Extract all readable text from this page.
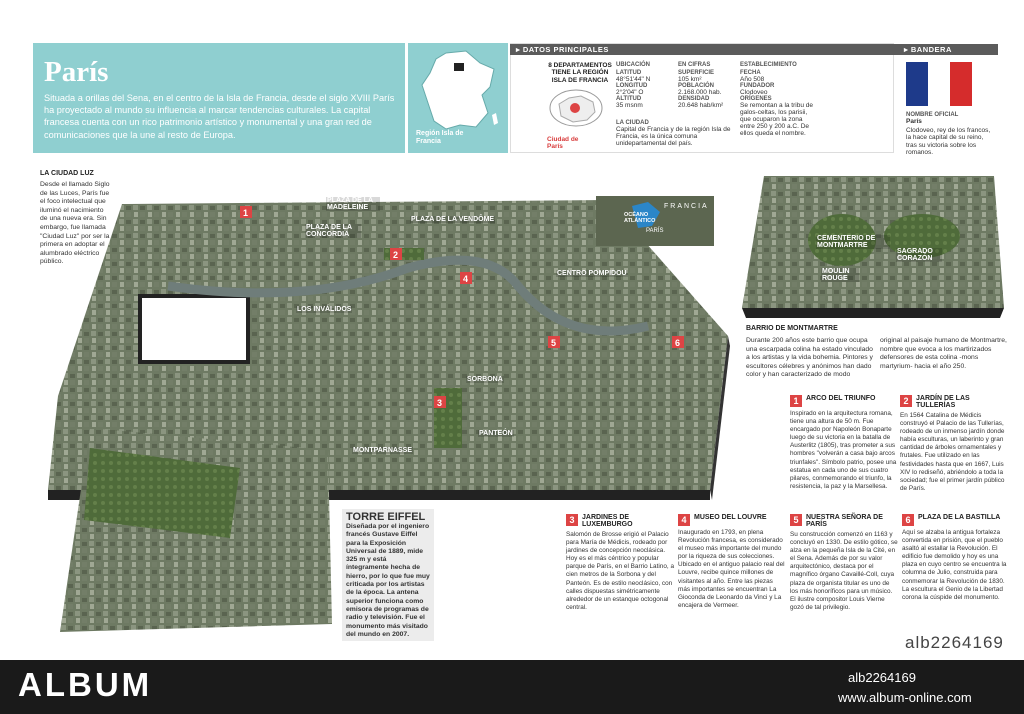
París
Situada a orillas del Sena, en el centro de la Isla de Francia, desde el siglo XVIII París ha proyectado al mundo su influencia al marcar tendencias culturales. La capital francesa cuenta con un rico patrimonio artístico y monumental y una gran red de comunicaciones que la une al resto de Europa.	Región Isla de Francia
▸ DATOS PRINCIPALES
8 DEPARTAMENTOS TIENE LA REGIÓN ISLA DE FRANCIA
Ciudad de París
UBICACIÓN
LATITUD
48°51'44" N
LONGITUD
2°2'04" O
ALTITUD
35 msnm
EN CIFRAS
SUPERFICIE
105 km²
POBLACIÓN
2.168.000 hab.
DENSIDAD
20.648 hab/km²
ESTABLECIMIENTO
FECHA
Año 508
FUNDADOR
Clodoveo
ORÍGENES
Se remontan a la tribu de galos-celtas, los parisii, que ocuparon la zona entre 250 y 200 a.C. De ellos queda el nombre.
LA CIUDAD
Capital de Francia y de la región Isla de Francia, es la única comuna unidepartamental del país.
▸ BANDERA
NOMBRE OFICIAL
París
Clodoveo, rey de los francos, la hace capital de su reino, tras su victoria sobre los romanos.
LA CIUDAD LUZ
Desde el llamado Siglo de las Luces, París fue el foco intelectual que iluminó el nacimiento de una nueva era. Sin embargo, fue llamada "Ciudad Luz" por ser la primera en adoptar el alumbrado eléctrico público.
1
2
3
4
5	6
PLAZA DE LA MADELEINE
PLAZA DE LA VENDÔME
PLAZA DE LA CONCORDIA
CENTRO POMPIDOU
LOS INVÁLIDOS
SORBONA
PANTEÓN
MONTPARNASSE
OCÉANO ATLÁNTICO
FRANCIA
PARÍS
CEMENTERIO DE MONTMARTRE
MOULIN ROUGE
SAGRADO CORAZÓN
BARRIO DE MONTMARTRE
Durante 200 años este barrio que ocupa una escarpada colina ha estado vinculado a los artistas y la vida bohemia. Pintores y escultores célebres y anónimos han dado color y han caracterizado de modo original al paisaje humano de Montmartre, nombre que evoca a los martirizados defensores de esta colina -mons martyrium- hacia el año 250.
TORRE EIFFEL
Diseñada por el ingeniero francés Gustave Eiffel para la Exposición Universal de 1889, mide 325 m y está íntegramente hecha de hierro, por lo que fue muy criticada por los artistas de la época. La antena superior funciona como emisora de programas de radio y televisión. Fue el monumento más visitado del mundo en 2007.
1	ARCO DEL TRIUNFO
Inspirado en la arquitectura romana, tiene una altura de 50 m. Fue encargado por Napoleón Bonaparte luego de su victoria en la batalla de Austerlitz (1805), tras prometer a sus hombres "volverán a casa bajo arcos triunfales". Símbolo patrio, posee una estatua en cada uno de sus cuatro pilares, conmemorando el triunfo, la resistencia, la paz y la Marsellesa.
2	JARDÍN DE LAS TULLERÍAS
En 1564 Catalina de Médicis construyó el Palacio de las Tullerías, rodeado de un inmenso jardín donde había esculturas, un laberinto y gran cantidad de árboles ornamentales y frutales. Fue utilizado en las festividades hasta que en 1667, Luis XIV lo rediseñó, abriéndolo a toda la sociedad; fue el primer jardín público de París.
3	JARDINES DE LUXEMBURGO
Salomón de Brosse erigió el Palacio para María de Médicis, rodeado por jardines de concepción neoclásica. Hoy es el más céntrico y popular parque de París, en el Barrio Latino, a cien metros de la Sorbona y del Panteón. Es de estilo neoclásico, con calles dispuestas simétricamente alrededor de un estanque octogonal central.
4	MUSEO DEL LOUVRE
Inaugurado en 1793, en plena Revolución francesa, es considerado el museo más importante del mundo por la riqueza de sus colecciones. Ubicado en el antiguo palacio real del Louvre, recibe quince millones de visitantes al año. Entre las piezas más importantes se encuentran La Gioconda de Leonardo da Vinci y La encajera de Vermeer.
5	NUESTRA SEÑORA DE PARÍS
Su construcción comenzó en 1163 y concluyó en 1330. De estilo gótico, se alza en la pequeña Isla de la Cité, en el Sena. Además de por su valor arquitectónico, destaca por el magnífico órgano Cavaillé-Coll, cuya plaza de organista titular es uno de los más honoríficos para un músico. El ilustre compositor Louis Vierne gozó de tal privilegio.
6	PLAZA DE LA BASTILLA
Aquí se alzaba la antigua fortaleza convertida en prisión, que el pueblo asaltó al estallar la Revolución. El edificio fue demolido y hoy es una plaza en cuyo centro se encuentra la columna de Julio, construida para conmemorar la Revolución de 1830. La escultura el Genio de la Libertad corona la cúspide del monumento.
alb2264169
ALBUM	alb2264169
www.album-online.com
